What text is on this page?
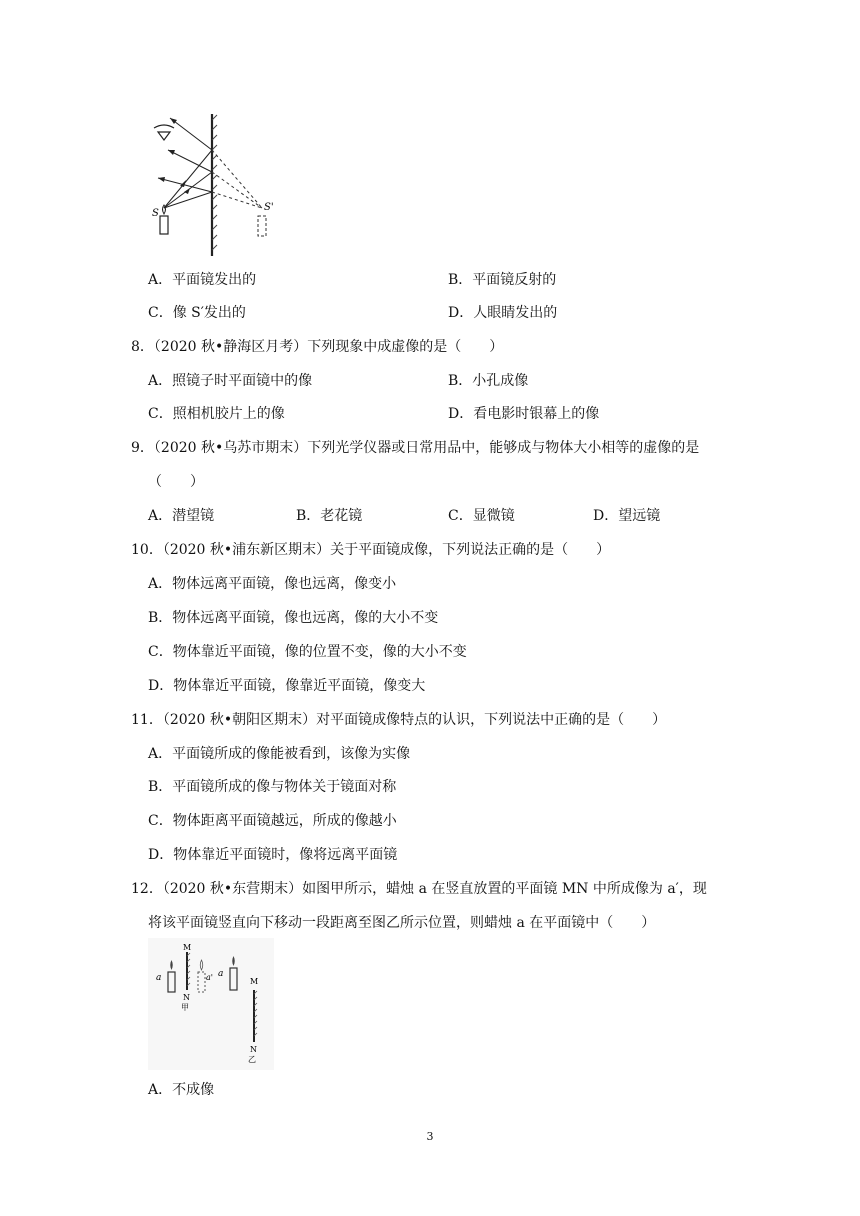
S
S'
A．平面镜发出的	B．平面镜反射的
C．像 S′发出的	D．人眼睛发出的
8．（2020 秋•静海区月考）下列现象中成虚像的是（　　）
A．照镜子时平面镜中的像	B．小孔成像
C．照相机胶片上的像	D．看电影时银幕上的像
9．（2020 秋•乌苏市期末）下列光学仪器或日常用品中，能够成与物体大小相等的虚像的是
（　　）
A．潜望镜	B．老花镜	C．显微镜	D．望远镜
10．（2020 秋•浦东新区期末）关于平面镜成像，下列说法正确的是（　　）
A．物体远离平面镜，像也远离，像变小
B．物体远离平面镜，像也远离，像的大小不变
C．物体靠近平面镜，像的位置不变，像的大小不变
D．物体靠近平面镜，像靠近平面镜，像变大
11．（2020 秋•朝阳区期末）对平面镜成像特点的认识，下列说法中正确的是（　　）
A．平面镜所成的像能被看到，该像为实像
B．平面镜所成的像与物体关于镜面对称
C．物体距离平面镜越远，所成的像越小
D．物体靠近平面镜时，像将远离平面镜
12．（2020 秋•东营期末）如图甲所示，蜡烛 a 在竖直放置的平面镜 MN 中所成像为 a′，现
将该平面镜竖直向下移动一段距离至图乙所示位置，则蜡烛 a 在平面镜中（　　）
a
M
N
甲
a' a
M
N
乙
A．不成像
3
